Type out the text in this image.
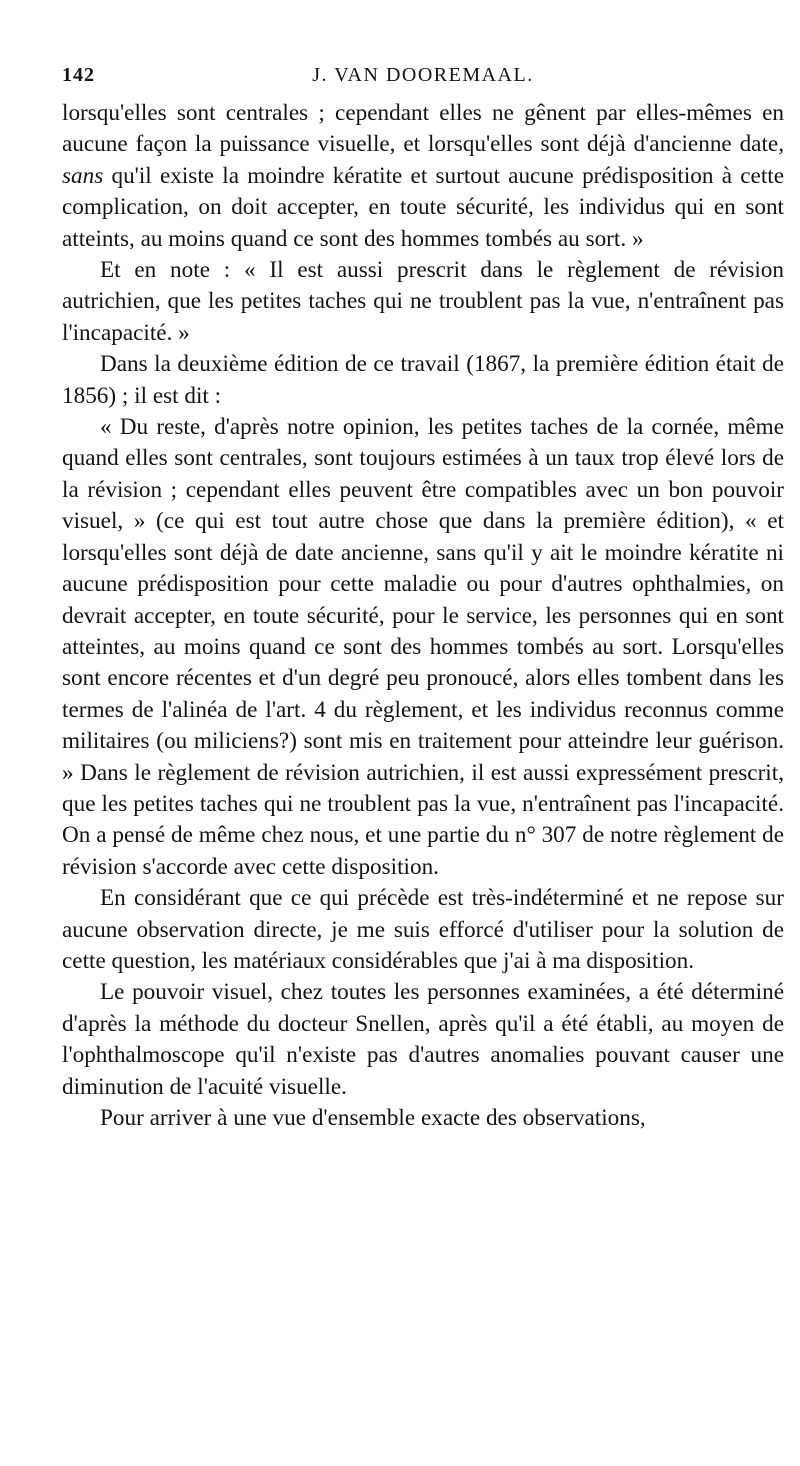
142	J. VAN DOOREMAAL.

lorsqu'elles sont centrales ; cependant elles ne gênent par elles-mêmes en aucune façon la puissance visuelle, et lorsqu'elles sont déjà d'ancienne date, sans qu'il existe la moindre kératite et surtout aucune prédisposition à cette complication, on doit accepter, en toute sécurité, les individus qui en sont atteints, au moins quand ce sont des hommes tombés au sort. »

Et en note : « Il est aussi prescrit dans le règlement de révision autrichien, que les petites taches qui ne troublent pas la vue, n'entraînent pas l'incapacité. »

Dans la deuxième édition de ce travail (1867, la première édition était de 1856) ; il est dit :

« Du reste, d'après notre opinion, les petites taches de la cornée, même quand elles sont centrales, sont toujours estimées à un taux trop élevé lors de la révision ; cependant elles peuvent être compatibles avec un bon pouvoir visuel, » (ce qui est tout autre chose que dans la première édition), « et lorsqu'elles sont déjà de date ancienne, sans qu'il y ait le moindre kératite ni aucune prédisposition pour cette maladie ou pour d'autres ophthalmies, on devrait accepter, en toute sécurité, pour le service, les personnes qui en sont atteintes, au moins quand ce sont des hommes tombés au sort. Lorsqu'elles sont encore récentes et d'un degré peu pronoucé, alors elles tombent dans les termes de l'alinéa de l'art. 4 du règlement, et les individus reconnus comme militaires (ou miliciens?) sont mis en traitement pour atteindre leur guérison. » Dans le règlement de révision autrichien, il est aussi expressément prescrit, que les petites taches qui ne troublent pas la vue, n'entraînent pas l'incapacité. On a pensé de même chez nous, et une partie du n° 307 de notre règlement de révision s'accorde avec cette disposition.

En considérant que ce qui précède est très-indéterminé et ne repose sur aucune observation directe, je me suis efforcé d'utiliser pour la solution de cette question, les matériaux considérables que j'ai à ma disposition.

Le pouvoir visuel, chez toutes les personnes examinées, a été déterminé d'après la méthode du docteur Snellen, après qu'il a été établi, au moyen de l'ophthalmoscope qu'il n'existe pas d'autres anomalies pouvant causer une diminution de l'acuité visuelle.

Pour arriver à une vue d'ensemble exacte des observations,
